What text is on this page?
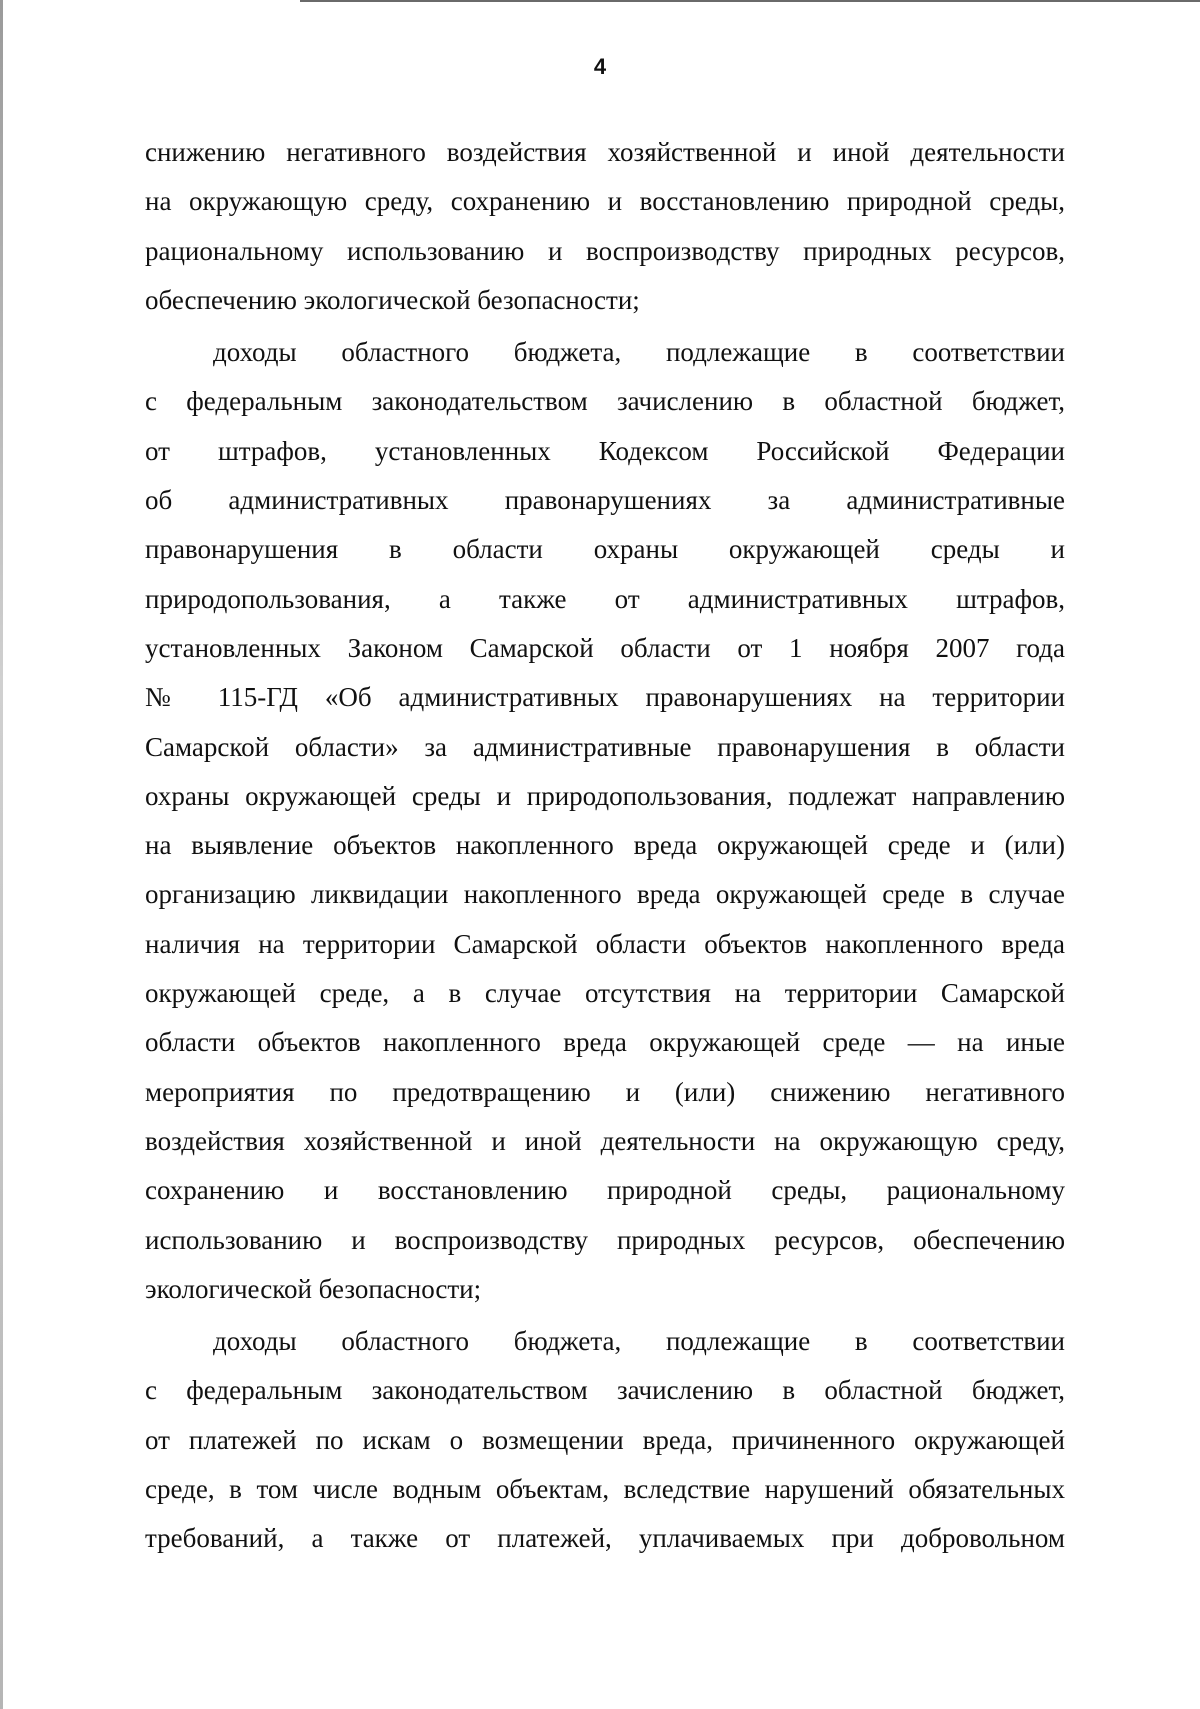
4
снижению негативного воздействия хозяйственной и иной деятельности
на окружающую среду, сохранению и восстановлению природной среды,
рациональному использованию и воспроизводству природных ресурсов,
обеспечению экологической безопасности;
доходы областного бюджета, подлежащие в соответствии
с федеральным законодательством зачислению в областной бюджет,
от штрафов, установленных Кодексом Российской Федерации
об административных правонарушениях за административные
правонарушения в области охраны окружающей среды и
природопользования, а также от административных штрафов,
установленных Законом Самарской области от 1 ноября 2007 года
№ 115-ГД «Об административных правонарушениях на территории
Самарской области» за административные правонарушения в области
охраны окружающей среды и природопользования, подлежат направлению
на выявление объектов накопленного вреда окружающей среде и (или)
организацию ликвидации накопленного вреда окружающей среде в случае
наличия на территории Самарской области объектов накопленного вреда
окружающей среде, а в случае отсутствия на территории Самарской
области объектов накопленного вреда окружающей среде — на иные
мероприятия по предотвращению и (или) снижению негативного
воздействия хозяйственной и иной деятельности на окружающую среду,
сохранению и восстановлению природной среды, рациональному
использованию и воспроизводству природных ресурсов, обеспечению
экологической безопасности;
доходы областного бюджета, подлежащие в соответствии
с федеральным законодательством зачислению в областной бюджет,
от платежей по искам о возмещении вреда, причиненного окружающей
среде, в том числе водным объектам, вследствие нарушений обязательных
требований, а также от платежей, уплачиваемых при добровольном
